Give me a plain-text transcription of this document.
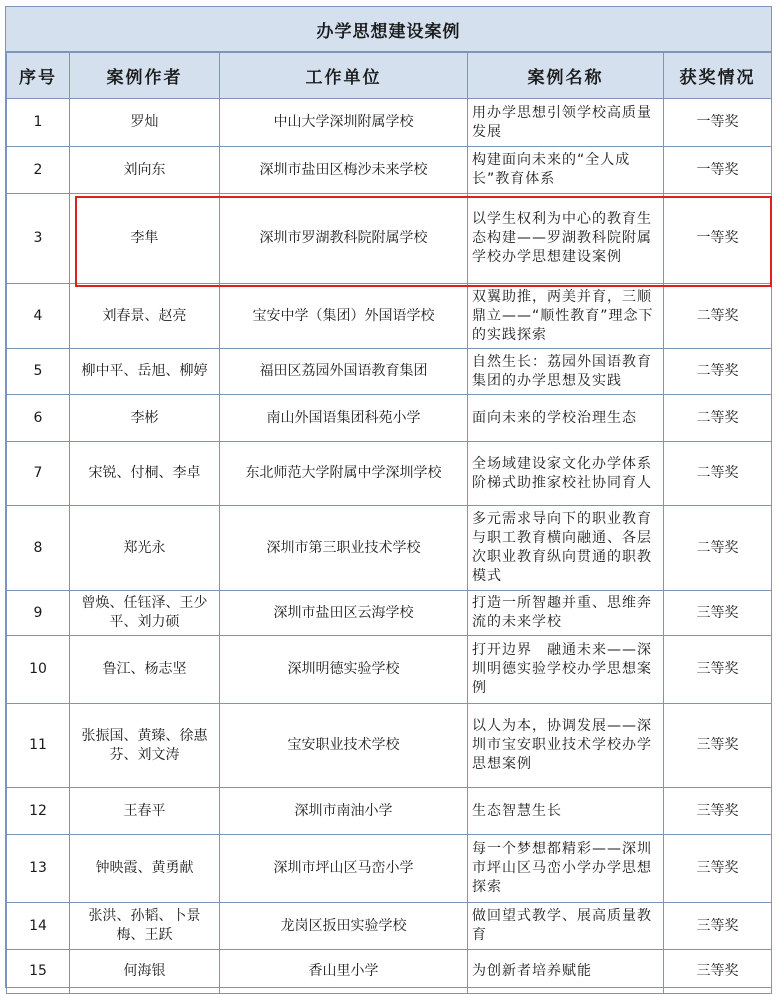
办学思想建设案例
序号	案例作者	工作单位	案例名称	获奖情况
1	罗灿	中山大学深圳附属学校	用办学思想引领学校高质量发展	一等奖
2	刘向东	深圳市盐田区梅沙未来学校	构建面向未来的“全人成长”教育体系	一等奖
3	李隼	深圳市罗湖教科院附属学校	以学生权利为中心的教育生态构建——罗湖教科院附属学校办学思想建设案例	一等奖
4	刘春景、赵亮	宝安中学（集团）外国语学校	双翼助推，两美并育，三顺鼎立——“顺性教育”理念下的实践探索	二等奖
5	柳中平、岳旭、柳婷	福田区荔园外国语教育集团	自然生长：荔园外国语教育集团的办学思想及实践	二等奖
6	李彬	南山外国语集团科苑小学	面向未来的学校治理生态	二等奖
7	宋锐、付桐、李卓	东北师范大学附属中学深圳学校	全场域建设家文化办学体系阶梯式助推家校社协同育人	二等奖
8	郑光永	深圳市第三职业技术学校	多元需求导向下的职业教育与职工教育横向融通、各层次职业教育纵向贯通的职教模式	二等奖
9	曾焕、任钰泽、王少平、刘力硕	深圳市盐田区云海学校	打造一所智趣并重、思维奔流的未来学校	三等奖
10	鲁江、杨志坚	深圳明德实验学校	打开边界　融通未来——深圳明德实验学校办学思想案例	三等奖
11	张振国、黄臻、徐惠芬、刘文涛	宝安职业技术学校	以人为本，协调发展——深圳市宝安职业技术学校办学思想案例	三等奖
12	王春平	深圳市南油小学	生态智慧生长	三等奖
13	钟映霞、黄勇献	深圳市坪山区马峦小学	每一个梦想都精彩——深圳市坪山区马峦小学办学思想探索	三等奖
14	张洪、孙韬、卜景梅、王跃	龙岗区扳田实验学校	做回望式教学、展高质量教育	三等奖
15	何海银	香山里小学	为创新者培养赋能	三等奖
